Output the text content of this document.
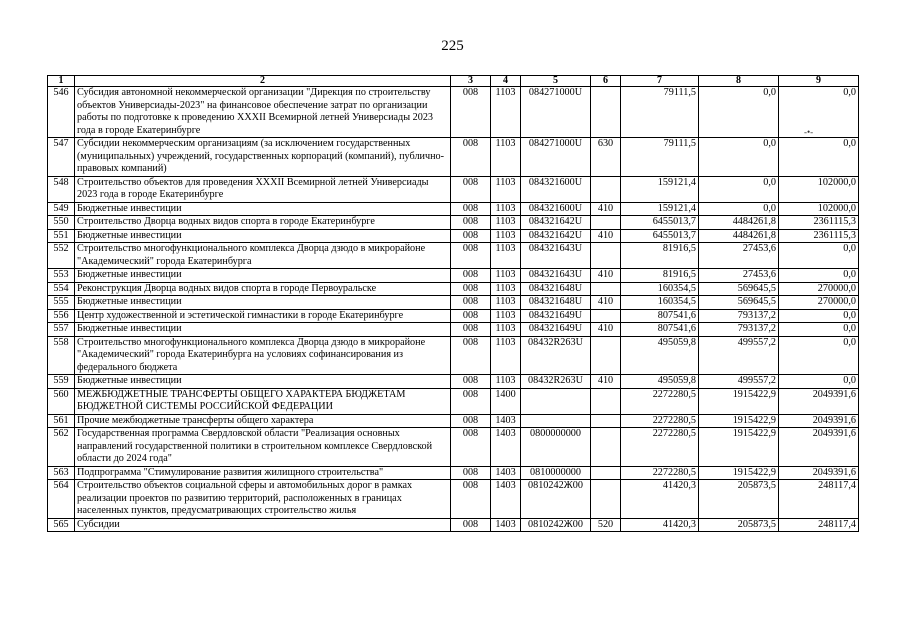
225
1	2	3	4	5	6	7	8	9
546	Субсидия автономной некоммерческой организации "Дирекция по строительству объектов Универсиады-2023" на финансовое обеспечение затрат по организации работы по подготовке к проведению XXXII Всемирной летней Универсиады 2023 года в городе Екатеринбурге	008	1103	084271000U		79111,5	0,0	0,0
547	Субсидии некоммерческим организациям (за исключением государственных (муниципальных) учреждений, государственных корпораций (компаний), публично-правовых компаний)	008	1103	084271000U	630	79111,5	0,0	0,0
548	Строительство объектов для проведения XXXII Всемирной летней Универсиады 2023 года в городе Екатеринбурге	008	1103	084321600U		159121,4	0,0	102000,0
549	Бюджетные инвестиции	008	1103	084321600U	410	159121,4	0,0	102000,0
550	Строительство Дворца водных видов спорта в городе Екатеринбурге	008	1103	084321642U		6455013,7	4484261,8	2361115,3
551	Бюджетные инвестиции	008	1103	084321642U	410	6455013,7	4484261,8	2361115,3
552	Строительство многофункционального комплекса Дворца дзюдо в микрорайоне "Академический" города Екатеринбурга	008	1103	084321643U		81916,5	27453,6	0,0
553	Бюджетные инвестиции	008	1103	084321643U	410	81916,5	27453,6	0,0
554	Реконструкция Дворца водных видов спорта в городе Первоуральске	008	1103	084321648U		160354,5	569645,5	270000,0
555	Бюджетные инвестиции	008	1103	084321648U	410	160354,5	569645,5	270000,0
556	Центр художественной и эстетической гимнастики в городе Екатеринбурге	008	1103	084321649U		807541,6	793137,2	0,0
557	Бюджетные инвестиции	008	1103	084321649U	410	807541,6	793137,2	0,0
558	Строительство многофункционального комплекса Дворца дзюдо в микрорайоне "Академический" города Екатеринбурга на условиях софинансирования из федерального бюджета	008	1103	08432R263U		495059,8	499557,2	0,0
559	Бюджетные инвестиции	008	1103	08432R263U	410	495059,8	499557,2	0,0
560	МЕЖБЮДЖЕТНЫЕ ТРАНСФЕРТЫ ОБЩЕГО ХАРАКТЕРА БЮДЖЕТАМ БЮДЖЕТНОЙ СИСТЕМЫ РОССИЙСКОЙ ФЕДЕРАЦИИ	008	1400			2272280,5	1915422,9	2049391,6
561	Прочие межбюджетные трансферты общего характера	008	1403			2272280,5	1915422,9	2049391,6
562	Государственная программа Свердловской области "Реализация основных направлений государственной политики в строительном комплексе Свердловской области до 2024 года"	008	1403	0800000000		2272280,5	1915422,9	2049391,6
563	Подпрограмма "Стимулирование развития жилищного строительства"	008	1403	0810000000		2272280,5	1915422,9	2049391,6
564	Строительство объектов социальной сферы и автомобильных дорог в рамках реализации проектов по развитию территорий, расположенных в границах населенных пунктов, предусматривающих строительство жилья	008	1403	0810242Ж00		41420,3	205873,5	248117,4
565	Субсидии	008	1403	0810242Ж00	520	41420,3	205873,5	248117,4
-•-
